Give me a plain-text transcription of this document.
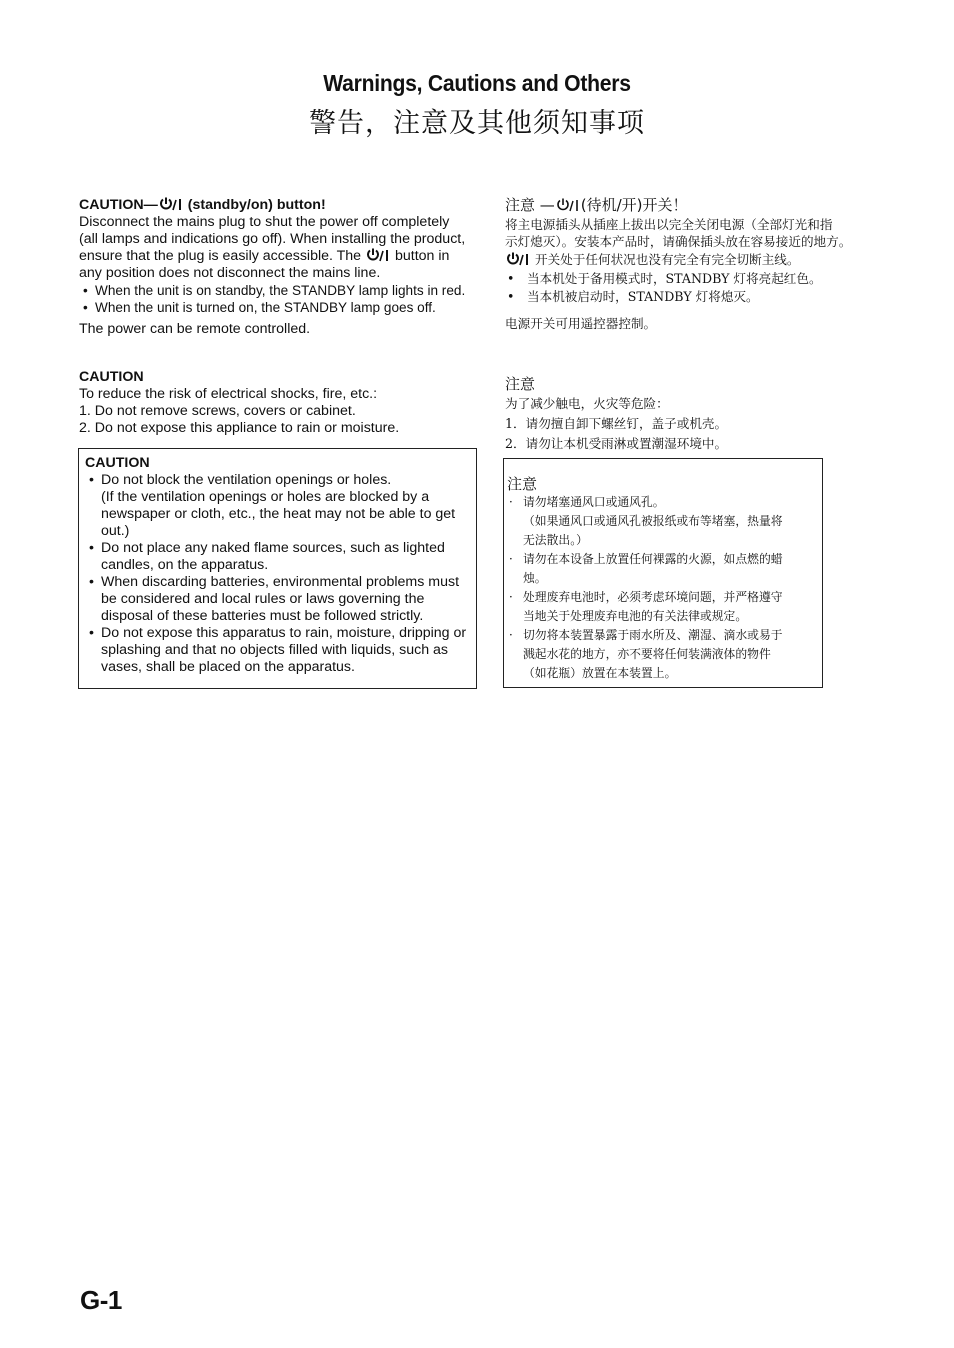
Warnings, Cautions and Others
警告，注意及其他须知事项
CAUTION— (standby/on) button!
Disconnect the mains plug to shut the power off completely
(all lamps and indications go off). When installing the product,
ensure that the plug is easily accessible. The button in
any position does not disconnect the mains line.
• When the unit is on standby, the STANDBY lamp lights in red.
• When the unit is turned on, the STANDBY lamp goes off.
The power can be remote controlled.
CAUTION
To reduce the risk of electrical shocks, fire, etc.:
1. Do not remove screws, covers or cabinet.
2. Do not expose this appliance to rain or moisture.
CAUTION
• Do not block the ventilation openings or holes.
(If the ventilation openings or holes are blocked by a
newspaper or cloth, etc., the heat may not be able to get
out.)
• Do not place any naked flame sources, such as lighted
candles, on the apparatus.
• When discarding batteries, environmental problems must
be considered and local rules or laws governing the
disposal of these batteries must be followed strictly.
• Do not expose this apparatus to rain, moisture, dripping or
splashing and that no objects filled with liquids, such as
vases, shall be placed on the apparatus.
注意 — (待机/开)开关！
将主电源插头从插座上拔出以完全关闭电源（全部灯光和指
示灯熄灭）。安装本产品时，请确保插头放在容易接近的地方。
开关处于任何状况也没有完全有完全切断主线。
• 当本机处于备用模式时，STANDBY 灯将亮起红色。
• 当本机被启动时，STANDBY 灯将熄灭。
电源开关可用遥控器控制。
注意
为了减少触电，火灾等危险：
1．请勿擅自卸下螺丝钉，盖子或机壳。
2．请勿让本机受雨淋或置潮湿环境中。
注意
· 请勿堵塞通风口或通风孔。
（如果通风口或通风孔被报纸或布等堵塞，热量将
无法散出。）
· 请勿在本设备上放置任何裸露的火源，如点燃的蜡
烛。
· 处理废弃电池时，必须考虑环境问题，并严格遵守
当地关于处理废弃电池的有关法律或规定。
· 切勿将本装置暴露于雨水所及、潮湿、滴水或易于
溅起水花的地方，亦不要将任何装满液体的物件
（如花瓶）放置在本装置上。
G-1
